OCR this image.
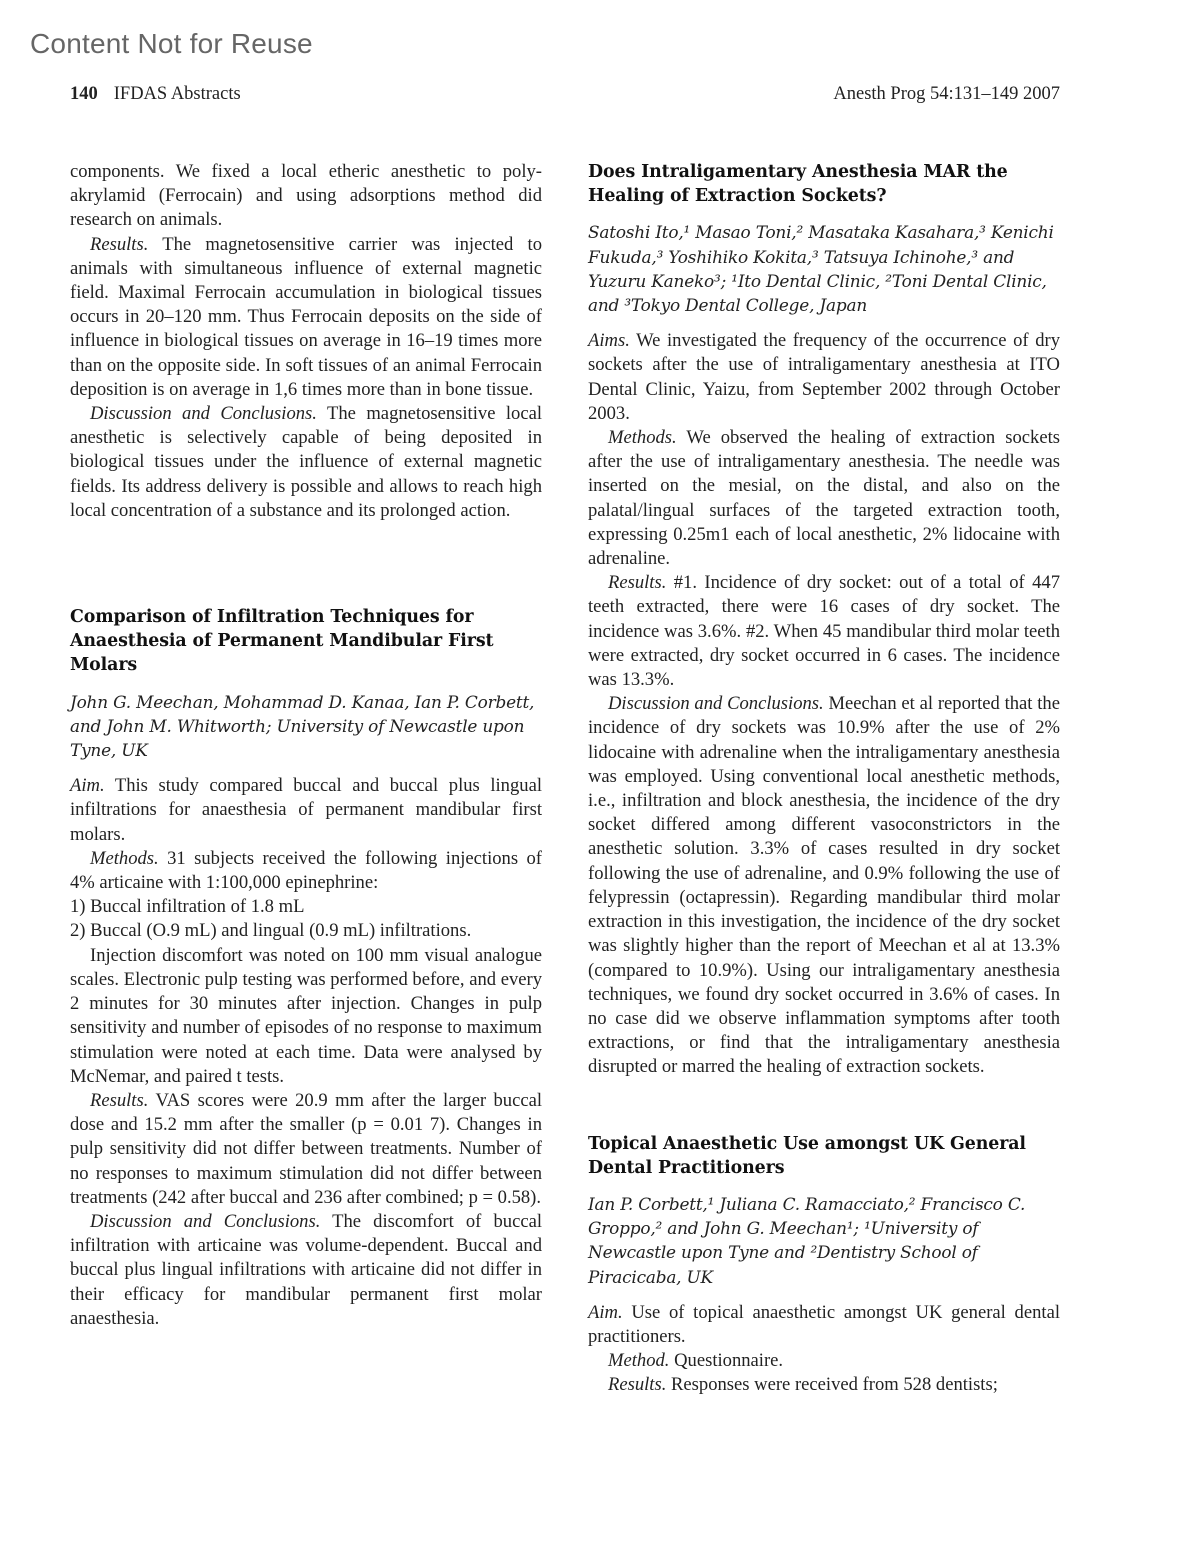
Content Not for Reuse
140 IFDAS Abstracts	Anesth Prog 54:131–149 2007

components. We fixed a local etheric anesthetic to poly-akrylamid (Ferrocain) and using adsorptions method did research on animals.

Results. The magnetosensitive carrier was injected to animals with simultaneous influence of external magnetic field. Maximal Ferrocain accumulation in biological tissues occurs in 20–120 mm. Thus Ferrocain deposits on the side of influence in biological tissues on average in 16–19 times more than on the opposite side. In soft tissues of an animal Ferrocain deposition is on average in 1,6 times more than in bone tissue.

Discussion and Conclusions. The magnetosensitive local anesthetic is selectively capable of being deposited in biological tissues under the influence of external magnetic fields. Its address delivery is possible and allows to reach high local concentration of a substance and its prolonged action.

Comparison of Infiltration Techniques for Anaesthesia of Permanent Mandibular First Molars

John G. Meechan, Mohammad D. Kanaa, Ian P. Corbett, and John M. Whitworth; University of Newcastle upon Tyne, UK

Aim. This study compared buccal and buccal plus lingual infiltrations for anaesthesia of permanent mandibular first molars.

Methods. 31 subjects received the following injections of 4% articaine with 1:100,000 epinephrine:

1) Buccal infiltration of 1.8 mL

2) Buccal (O.9 mL) and lingual (0.9 mL) infiltrations.

Injection discomfort was noted on 100 mm visual analogue scales. Electronic pulp testing was performed before, and every 2 minutes for 30 minutes after injection. Changes in pulp sensitivity and number of episodes of no response to maximum stimulation were noted at each time. Data were analysed by McNemar, and paired t tests.

Results. VAS scores were 20.9 mm after the larger buccal dose and 15.2 mm after the smaller (p = 0.01 7). Changes in pulp sensitivity did not differ between treatments. Number of no responses to maximum stimulation did not differ between treatments (242 after buccal and 236 after combined; p = 0.58).

Discussion and Conclusions. The discomfort of buccal infiltration with articaine was volume-dependent. Buccal and buccal plus lingual infiltrations with articaine did not differ in their efficacy for mandibular permanent first molar anaesthesia.

Does Intraligamentary Anesthesia MAR the Healing of Extraction Sockets?

Satoshi Ito,¹ Masao Toni,² Masataka Kasahara,³ Kenichi Fukuda,³ Yoshihiko Kokita,³ Tatsuya Ichinohe,³ and Yuzuru Kaneko³; ¹Ito Dental Clinic, ²Toni Dental Clinic, and ³Tokyo Dental College, Japan

Aims. We investigated the frequency of the occurrence of dry sockets after the use of intraligamentary anesthesia at ITO Dental Clinic, Yaizu, from September 2002 through October 2003.

Methods. We observed the healing of extraction sockets after the use of intraligamentary anesthesia. The needle was inserted on the mesial, on the distal, and also on the palatal/lingual surfaces of the targeted extraction tooth, expressing 0.25m1 each of local anesthetic, 2% lidocaine with adrenaline.

Results. #1. Incidence of dry socket: out of a total of 447 teeth extracted, there were 16 cases of dry socket. The incidence was 3.6%. #2. When 45 mandibular third molar teeth were extracted, dry socket occurred in 6 cases. The incidence was 13.3%.

Discussion and Conclusions. Meechan et al reported that the incidence of dry sockets was 10.9% after the use of 2% lidocaine with adrenaline when the intraligamentary anesthesia was employed. Using conventional local anesthetic methods, i.e., infiltration and block anesthesia, the incidence of the dry socket differed among different vasoconstrictors in the anesthetic solution. 3.3% of cases resulted in dry socket following the use of adrenaline, and 0.9% following the use of felypressin (octapressin). Regarding mandibular third molar extraction in this investigation, the incidence of the dry socket was slightly higher than the report of Meechan et al at 13.3% (compared to 10.9%). Using our intraligamentary anesthesia techniques, we found dry socket occurred in 3.6% of cases. In no case did we observe inflammation symptoms after tooth extractions, or find that the intraligamentary anesthesia disrupted or marred the healing of extraction sockets.

Topical Anaesthetic Use amongst UK General Dental Practitioners

Ian P. Corbett,¹ Juliana C. Ramacciato,² Francisco C. Groppo,² and John G. Meechan¹; ¹University of Newcastle upon Tyne and ²Dentistry School of Piracicaba, UK

Aim. Use of topical anaesthetic amongst UK general dental practitioners.

Method. Questionnaire.

Results. Responses were received from 528 dentists;
